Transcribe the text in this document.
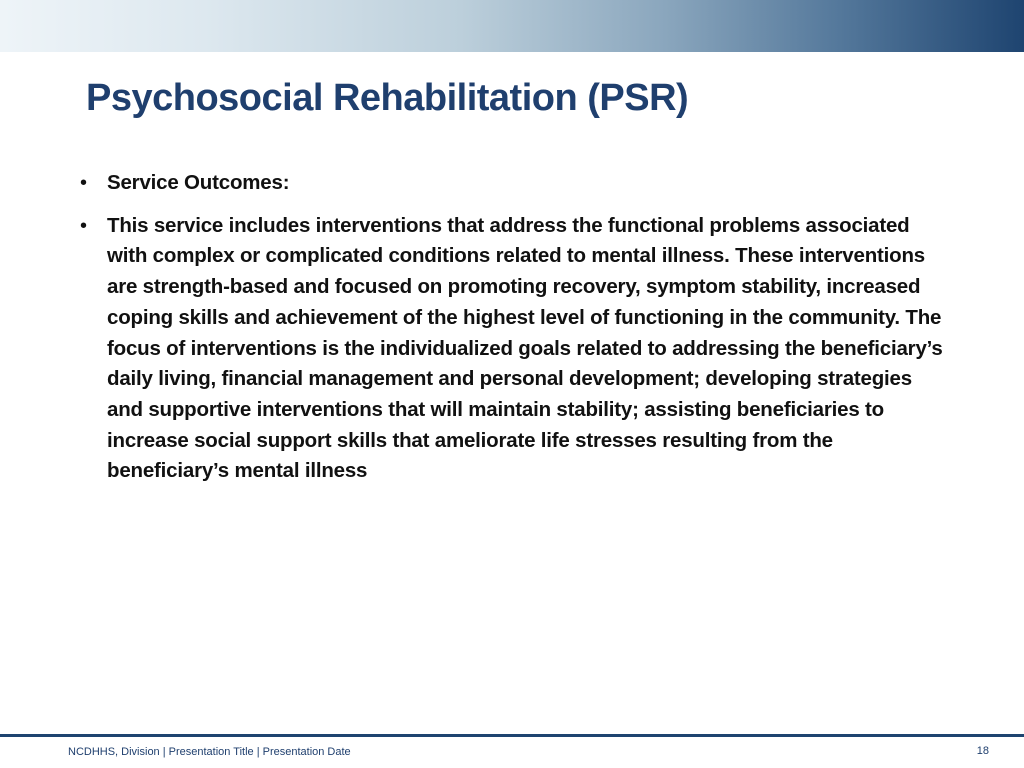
Psychosocial Rehabilitation (PSR)
• Service Outcomes:
• This service includes interventions that address the functional problems associated with complex or complicated conditions related to mental illness. These interventions are strength-based and focused on promoting recovery, symptom stability, increased coping skills and achievement of the highest level of functioning in the community. The focus of interventions is the individualized goals related to addressing the beneficiary’s daily living, financial management and personal development; developing strategies and supportive interventions that will maintain stability; assisting beneficiaries to increase social support skills that ameliorate life stresses resulting from the beneficiary’s mental illness
NCDHHS, Division | Presentation Title | Presentation Date	18
